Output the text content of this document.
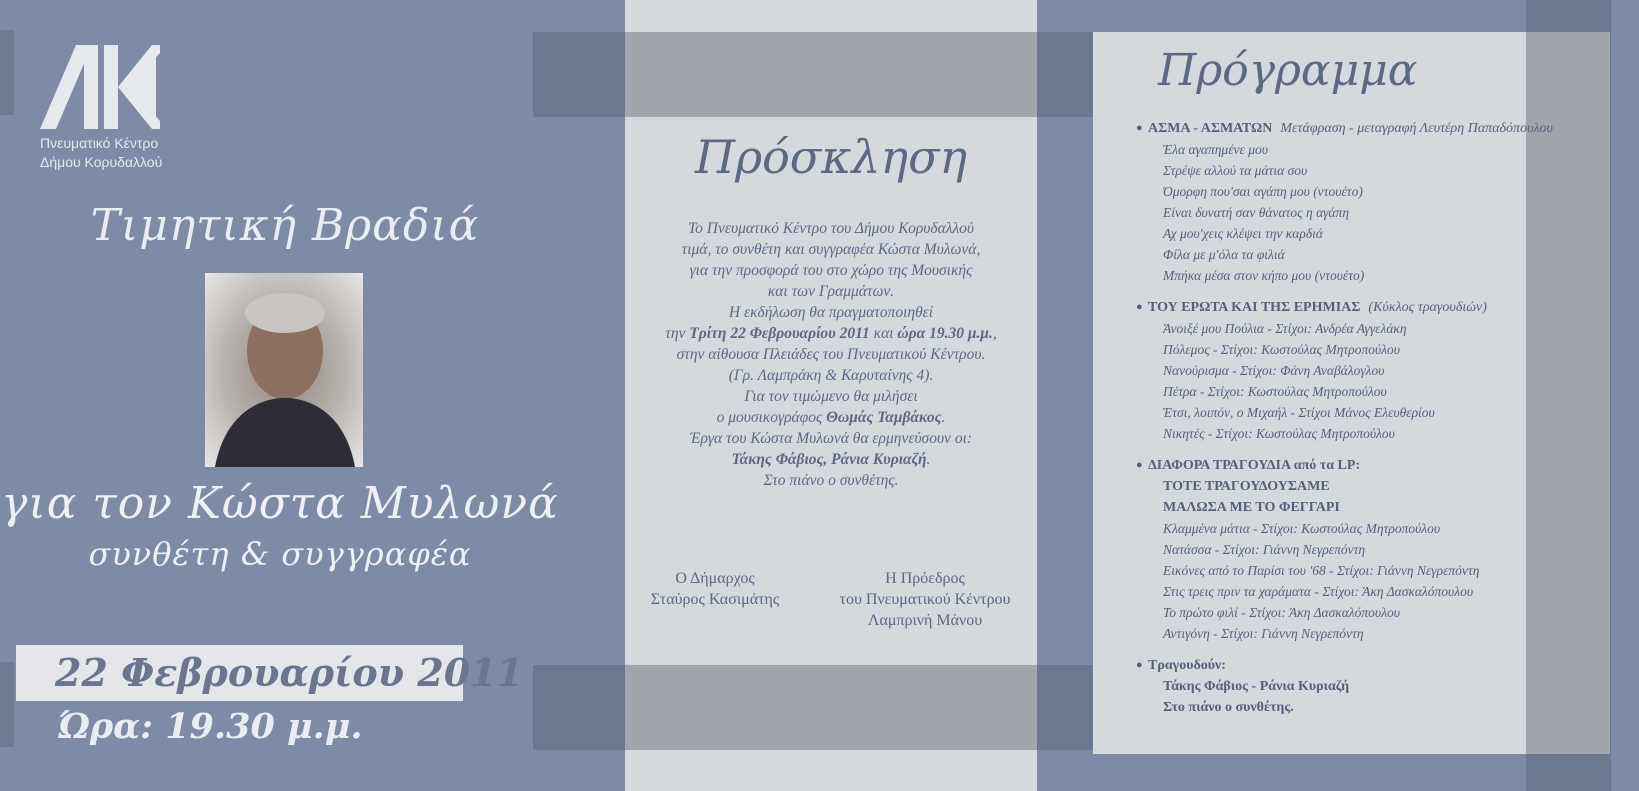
Πνευματικό Κέντρο
Δήμου Κορυδαλλού
Τιμητική Βραδιά
για τον Κώστα Μυλωνά
συνθέτη & συγγραφέα
22 Φεβρουαρίου 2011
Ώρα: 19.30 μ.μ.
Πρόσκληση
Το Πνευματικό Κέντρο του Δήμου Κορυδαλλού
τιμά, το συνθέτη και συγγραφέα Κώστα Μυλωνά,
για την προσφορά του στο χώρο της Μουσικής
και των Γραμμάτων.
Η εκδήλωση θα πραγματοποιηθεί
την Τρίτη 22 Φεβρουαρίου 2011 και ώρα 19.30 μ.μ.,
στην αίθουσα Πλειάδες του Πνευματικού Κέντρου.
(Γρ. Λαμπράκη & Καρυταίνης 4).
Για τον τιμώμενο θα μιλήσει
ο μουσικογράφος Θωμάς Ταμβάκος.
Έργα του Κώστα Μυλωνά θα ερμηνεύσουν οι:
Τάκης Φάβιος, Ράνια Κυριαζή.
Στο πιάνο ο συνθέτης.
Ο Δήμαρχος
Σταύρος Κασιμάτης
Η Πρόεδρος
του Πνευματικού Κέντρου
Λαμπρινή Μάνου
Πρόγραμμα
● ΑΣΜΑ - ΑΣΜΑΤΩΝ Μετάφραση - μεταγραφή Λευτέρη Παπαδόπουλου
Έλα αγαπημένε μου
Στρέψε αλλού τα μάτια σου
Όμορφη που'σαι αγάπη μου (ντουέτο)
Είναι δυνατή σαν θάνατος η αγάπη
Αχ μου'χεις κλέψει την καρδιά
Φίλα με μ'όλα τα φιλιά
Μπήκα μέσα στον κήπο μου (ντουέτο)
● ΤΟΥ ΕΡΩΤΑ ΚΑΙ ΤΗΣ ΕΡΗΜΙΑΣ (Κύκλος τραγουδιών)
Άνοιξέ μου Πούλια - Στίχοι: Ανδρέα Αγγελάκη
Πόλεμος - Στίχοι: Κωστούλας Μητροπούλου
Νανούρισμα - Στίχοι: Φάνη Αναβάλογλου
Πέτρα - Στίχοι: Κωστούλας Μητροπούλου
Έτσι, λοιπόν, ο Μιχαήλ - Στίχοι Μάνος Ελευθερίου
Νικητές - Στίχοι: Κωστούλας Μητροπούλου
● ΔΙΑΦΟΡΑ ΤΡΑΓΟΥΔΙΑ από τα LP:
ΤΟΤΕ ΤΡΑΓΟΥΔΟΥΣΑΜΕ
ΜΑΛΩΣΑ ΜΕ ΤΟ ΦΕΓΓΑΡΙ
Κλαμμένα μάτια - Στίχοι: Κωστούλας Μητροπούλου
Νατάσσα - Στίχοι: Γιάννη Νεγρεπόντη
Εικόνες από το Παρίσι του '68 - Στίχοι: Γιάννη Νεγρεπόντη
Στις τρεις πριν τα χαράματα - Στίχοι: Άκη Δασκαλόπουλου
Το πρώτο φιλί - Στίχοι: Άκη Δασκαλόπουλου
Αντιγόνη - Στίχοι: Γιάννη Νεγρεπόντη
● Τραγουδούν:
Τάκης Φάβιος - Ράνια Κυριαζή
Στο πιάνο ο συνθέτης.
